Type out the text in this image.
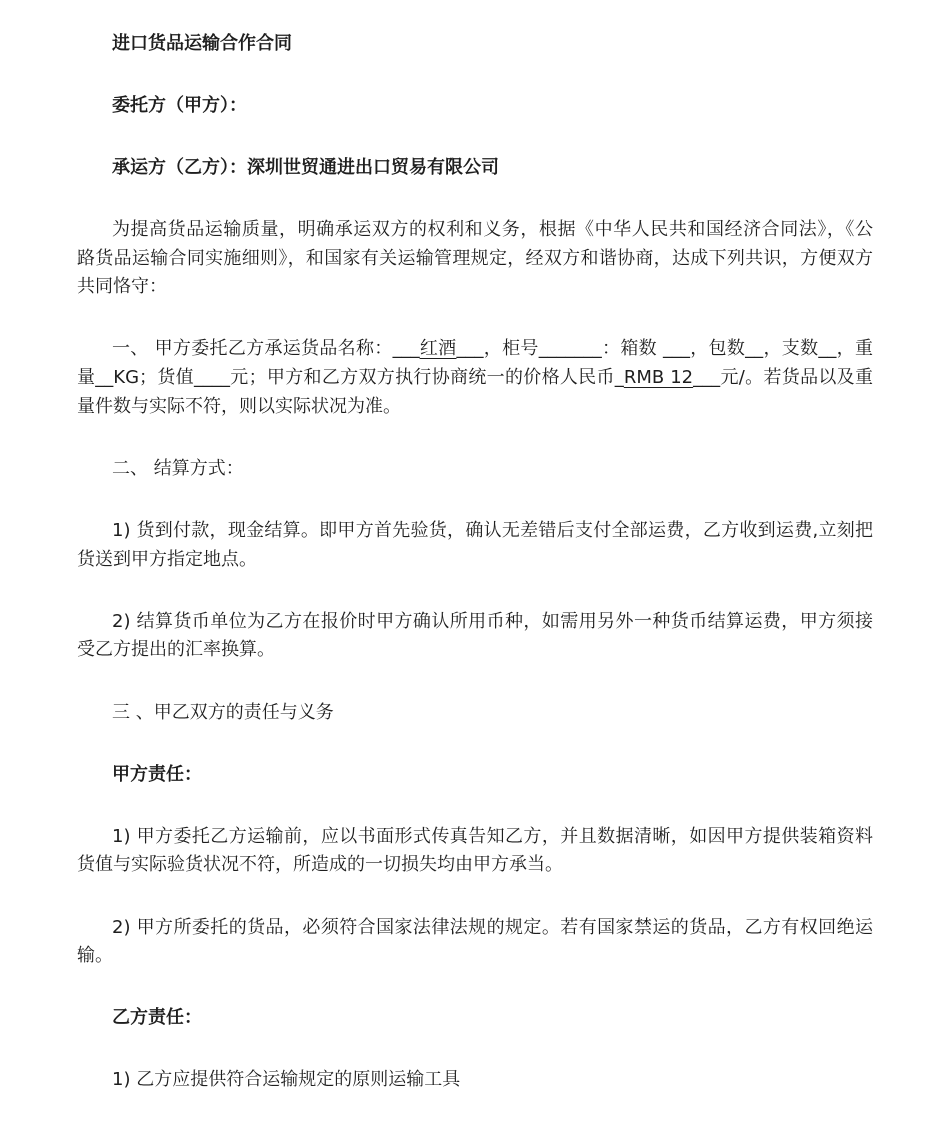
进口货品运输合作合同
委托方（甲方）：
承运方（乙方）：深圳世贸通进出口贸易有限公司
为提高货品运输质量，明确承运双方的权利和义务，根据《中华人民共和国经济合同法》，《公
路货品运输合同实施细则》，和国家有关运输管理规定，经双方和谐协商，达成下列共识，方便双方
共同恪守：
一、 甲方委托乙方承运货品名称：___红酒___，柜号_______：箱数 ___，包数__，支数__，重
量__KG；货值____元；甲方和乙方双方执行协商统一的价格人民币_RMB 12___元/。若货品以及重
量件数与实际不符，则以实际状况为准。
二、 结算方式：
1) 货到付款，现金结算。即甲方首先验货，确认无差错后支付全部运费，乙方收到运费,立刻把
货送到甲方指定地点。
2) 结算货币单位为乙方在报价时甲方确认所用币种，如需用另外一种货币结算运费，甲方须接
受乙方提出的汇率换算。
三 、甲乙双方的责任与义务
甲方责任：
1) 甲方委托乙方运输前，应以书面形式传真告知乙方，并且数据清晰，如因甲方提供装箱资料
货值与实际验货状况不符，所造成的一切损失均由甲方承当。
2) 甲方所委托的货品，必须符合国家法律法规的规定。若有国家禁运的货品，乙方有权回绝运
输。
乙方责任：
1) 乙方应提供符合运输规定的原则运输工具
